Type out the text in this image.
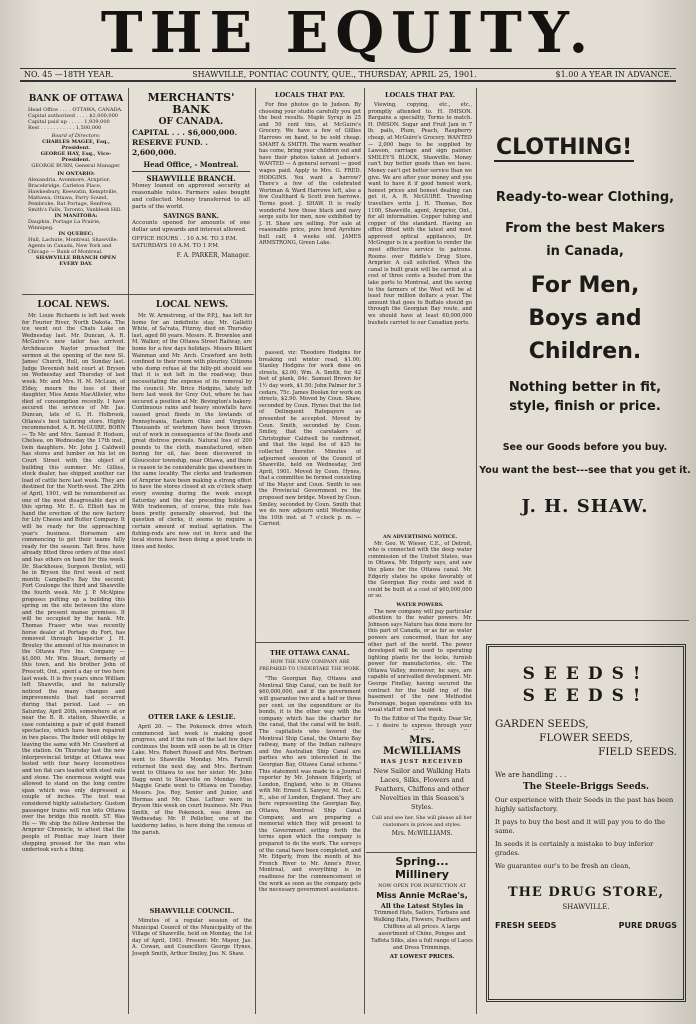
THE EQUITY.
NO. 45 —18TH YEAR.	SHAWVILLE, PONTIAC COUNTY, QUE., THURSDAY, APRIL 25, 1901.	$1.00 A YEAR IN ADVANCE.
BANK OF OTTAWA
Head Office . . . . OTTAWA, CANADA.
Capital authorized . . . . $2,000,000
Capital paid up . . . . . 1,939,000
Rest . . . . . . . . . . . 1,500,000
Board of Directors:
CHARLES MAGEE, Esq., President.
GEORGE HAY, Esq., Vice-President.
GEORGE BURN, General Manager.
IN ONTARIO:
Alexandria, Avonmore, Arnprior, Bracebridge, Carleton Place, Hawkesbury, Keewatin, Kemptville, Mattawa, Ottawa, Parry Sound, Pembroke, Rat Portage, Renfrew, Smith's Falls, Toronto, Vankleek Hill.
IN MANITOBA:
Dauphin, Portage La Prairie, Winnipeg.
IN QUEBEC:
Hull, Lachute, Montreal, Shawville.
Agents in Canada, New York and Chicago — Bank of Montreal.
SHAWVILLE BRANCH OPEN EVERY DAY.
MERCHANTS' BANK
OF CANADA.
CAPITAL . . . $6,000,000.
RESERVE FUND. . 2,600,000.
Head Office, - Montreal.
SHAWVILLE BRANCH.
Money loaned on approved security at reasonable rates. Farmers sales bought and collected. Money transferred to all parts of the world.
SAVINGS BANK.
Accounts opened for amounts of one dollar and upwards and interest allowed.
OFFICE HOURS . . 10 A.M. TO 3 P.M. SATURDAYS 10 A.M. TO 1 P.M.
F. A. PARKER, Manager.
LOCALS THAT PAY.

For fine photos go to Judson. By choosing your studio carefully you get the best results. Maple Syrup in 25 and 50 cent tins, at McGuire's Grocery. We have a few of Gillies Harrows on hand, to be sold cheap. SMART & SMITH. The warm weather has come, bring your children out and have their photos taken at Judson's. WANTED — A general servant — good wages paid. Apply to Mrs. G. FRED. HODGINS. You want a harrow? There's a few of the celebrated Wortman & Ward Harrows left, also a few Coulthard & Scott iron harrows. Terms good. J. SHAW. It is really wonderful how those black and navy serge suits for men, now exhibited by J. H. Shaw are selling. For sale at reasonable price, pure bred Ayrshire bull calf, 4 weeks old. JAMES ARMSTRONG, Green Lake.

passed, viz: Theodore Hodgins for breaking out winter road, $1.00; Stanley Hodgins for work done on streets, $2.00; Wm. A. Smith, for 42 feet of plank, 84c. Samuel Brown for 1½ day work, $1.50; John Palmer for 3 cedars, 75c. James Doolan for work on streets, $2.90. Moved by Coun. Shaw, seconded by Coun. Hynes that the list of Delinquent Ratepayers as presented be accepted. Moved by Coun. Smith, seconded by Coun. Smiley, that the caretakers of Christopher Caldwell be confirmed, and that the legal fee of $25 be collected therefor. Minutes of adjourned session of the Council of Shawville, held on Wednesday, 3rd April, 1901. Moved by Coun. Hynes, that a committee be formed consisting of the Mayor and Coun. Smith to see the Provincial Government re the proposed new bridge. Moved by Coun. Smiley, seconded by Coun. Smith that we do now adjourn until Wednesday the 10th inst. at 7 o'clock p. m. — Carried.

THE OTTAWA CANAL.
HOW THE NEW COMPANY ARE PREPARED TO UNDERTAKE THE WORK.

"The Georgian Bay, Ottawa and Montreal Ship Canal, can be built for $60,000,000, and if the government will guarantee two and a half or three per cent. on the expenditure or its bonds, it is the other way with the company which has the charter for the canal, that the canal will be built. The capitalists who favored the Montreal Ship Canal, the Ontario Bay railway, many of the Indian railways and the Australian Ship Canal are parties who are interested in the Georgian Bay, Ottawa Canal scheme." This statement was made to a Journal reporter by Mr. Johnson Edgerly, of London, England, who is in Ottawa with Mr. Ernest S. Sawyer, M. Inst. C. E., also of London, England. They are here representing the Georgian Bay, Ottawa, Montreal Ship Canal Company, and are preparing a memorial which they will present to the Government setting forth the terms upon which the company is prepared to do the work. The surveys of the canal have been completed, and Mr. Edgerly, from the month of his French River to Mr. Anne's River, Montreal, and everything is in readiness for the commencement of the work as soon as the company gets the necessary government assistance.

LOCALS THAT PAY.

Viewing, copying, etc., etc., promptly attended to. H. IMISON. Bargains a speciality, Terms to match. H. IMISON. Sugar and Fruit Jam in 7 lb. pails, Plum, Peach, Raspberry cheap, at McGuire's Grocery. WANTED — 2,000 bags to be supplied by Lawson, carriage and sign painter. SMILEY'S BLOCK, Shawville. Money can't buy better goods than we have. Money can't get better service than we give. We are after your money and you want to have it if good honest work, honest prices and honest dealing can get it. A. R. McGUIRE. Traveling travellers write J. H. Thomas, Box 1100, Shawville, agent, Arnprior, Ont., for all information. Copper tubing and copper of the standard. Having an office fitted with the latest and most approved optical appliances, Dr. McGregor is in a position to render the most effective service to patrons. Rooms over Riddle's Drug Store, Arnprior. A call solicited. When the canal is built grain will be carried at a cost of three cents a bushel from the lake ports to Montreal, and the saving to the farmers of the West will be at least four million dollars a year. The amount that goes to Buffalo should go through the Georgian Bay route, and we should have at least 60,000,000 bushels carried to our Canadian ports.

AN ADVERTISING NOTICE.

Mr. Geo. W. Wieser, C.E., of Detroit, who is connected with the deep water commission of the United States, was in Ottawa, Mr. Edgerly says, and saw the plans for the Ottawa canal. Mr. Edgerly states he spoke favorably of the Georgian Bay route and said it could be built at a cost of $60,000,000 or so.

WATER POWERS.

The new company will pay particular attention to the water powers. Mr. Johnson says Nature has done more for this part of Canada, or as far as water powers are concerned, than for any other part of the world. The power developed will be used to operating lighting plants for the locks, furnish power for manufactories, etc. The Ottawa Valley, moreover, he says, are capable of unrivalled development. Mr. George Findlay, having secured the contract for the build ing of the basement of the new Methodist Parsonage, began operations with his usual staff of men last week.

To the Editor of The Equity. Dear Sir, — I desire to express through your

LOCAL NEWS.

Mr. Louie Richards is left last week for Fourier River, North Dakota. The ice went out the Chats Lake on Wednesday last. Mr. Duncan, A. R. McGuire's new tailor has arrived. Archdeacon Naylor preached the sermon at the opening of the new St. James' Church, Hull, on Sunday last. Judge Devenish held court at Bryson on Wednesday and Thursday of last week. Mr. and Mrs. H. M. McLean, of Eldey, mourn the loss of their daughter, Miss Annie MacAllister, who died of consumption recently. I have secured the services of Mr. Jas. Duncan, late of G. H. Holbrook, Ottawa's best tailoring store. Highly recommended. A. R. McGUIRE. BORN — To Mr. and Mrs. Samuel P. Hodson, Chelsea, on Wednesday the 17th inst., twin daughters. Mr. John J. Caldwell has stores and lumber on his lot on Court Street with the object of building this summer. Mr. Gillies, stock dealer, has shipped another car load of cattle here last week. They are destined for the North-west. The 29th of April, 1901, will be remembered as one of the most disagreeable days of this spring. Mr. E. G. Elliott has in hand the erection of the new factory for Lily Cheese and Butter Company. It will be ready for the approaching year's business. Horsemen are commencing to get their teams fully ready for the season. Tait Bros. have already fitted three orders of fine steel and has others on hand for this week. Dr. Stackhouse, Surgeon Dentist, will be in Bryson the first week of next month; Campbell's Bay the second; Fort Coulonge the third and Shawville the fourth week. Mr. J. P. McAlpine proposes putting up a building this spring on the site between the store and the present manse premises. It will be occupied by the bank. Mr. Thomas Fraser who was recently horse dealer at Portage du Fort, has removed through Inspector J. H. Brouley the amount of his insurance in the Ottawa Fire Ins. Company — $1,000. Mr. Wm. Stuart, formerly of this town, and his brother John of Prescott, Ont., spent a day or two here last week. It is five years since William left Shawville, and he naturally noticed the many changes and improvements that had occurred during that period. Last — on Saturday, April 20th, somewhere at or near the B. B. station, Shawville, a case containing a pair of gold framed spectacles, which have been repaired in two places. The finder will oblige by leaving the same with Mr. Crawford at the station. On Thursday last the new interprovincial bridge at Ottawa was tested with four heavy locomotives and ten flat cars loaded with steel rails and stone. The enormous weight was allowed to stand on the long centre span which was only depressed a couple of inches. The test was considered highly satisfactory. Gustom passenger trains will run into Ottawa over the bridge this month. ST. Was He — We ship the follow Ambrose the Arnprior Chronicle, to attest that the people of Pontiac may learn their shopping pressed for the man who undertook such a thing.

LOCAL NEWS.

Mr. W. Armstrong, of the P.P.J., has left for home for an indefinite stay. Mr. Galletti White, of Sa'rata, Fitzroy, died on Thursday last, aged 80 years. Messrs. R. Brownlee and M. Walker, of the Ottawa Street Railway, are home for a few days holidays. Messrs Billard Wainman and Mr. Arch. Crawford are both confined to their room with pleurisy. Citizens who dump refuse at the hilly-pit should see that it is not left in the road-way, thus necessitating the expense of its removal by the council. Mr. Brice Hodgins, lately left here last week for Grey Out, where he has secured a position at Mr. Bevington's bakery. Continuous rains and heavy snowfalls have caused great floods in the lowlands of Pennsylvania, Eastern Ohio and Virginia. Thousands of workmen have been thrown out of work in consequence of the floods and great distress prevails. Natural loss of 200 pounds to the cloth, manufactured, when boring for oil, has been discovered in Gloucester township, near Ottawa, and there is reason to be considerable gas elsewhere in the same locality. The clerks and tradesmen of Arnprior have been making a strong effort to have the stores closed at six o'clock sharp every evening during the week except Saturday and the day preceding holidays. With tradesmen, of course, this rule has been pretty generally observed, but the question of clerks, it seems to require a certain amount of mutual agitation. The fishing-rods are now out in force and the local stores have been doing a good trade in lines and hooks.

OTTER LAKE & LESLIE.

April 20. — The Pokenock drive which commenced last week is making good progress, and if the rain of the last few days continues the boom will soon be all in Otter Lake. Mrs. Robert Russell and Mrs. Bertram went to Shawville Monday. Mrs. Farrell returned the next day, and Mrs. Bertram went to Ottawa to see her sister. Mr. John Dagg went to Shawville on Monday. Miss Maggie Grade went to Ottawa on Tuesday. Messrs. Jos. Roy, Senior and Junior, and Hermas and Mr. Chas. Leftner were in Bryson this week on court business. Mr. Pius Smith, of the Pokenock, was down on Wednesday. Mr. P. Pelletier, one of the taxidermy ladies, is here doing the census of the parish.

SHAWVILLE COUNCIL.

Minutes of a regular session of the Municipal Council of the Municipality of the Village of Shawville, held on Monday, the 1st day of April, 1901. Present: Mr. Mayor, Jas. A. Cowan, and Councillors George Hynes, Joseph Smith, Arthur Smiley, Jno. N. Shaw.

CLOTHING!
Ready-to-wear Clothing,
From the best Makers
in Canada,
For Men,
Boys and
Children.
Nothing better in fit,
style, finish or price.
See our Goods before you buy.
You want the best---see that you get it.
J. H. SHAW.
Mrs. McWILLIAMS
HAS JUST RECEIVED
New Sailor and Walking Hats Laces, Silks, Flowers and Feathers, Chiffons and other Novelties in this Season's Styles.
Call and see her. She will please all her customers in prices and styles.
Mrs. McWILLIAMS.
Spring... Millinery
NOW OPEN FOR INSPECTION AT
Miss Annie McRae's,
All the Latest Styles in
Trimmed Hats, Sailors, Turbans and Walking Hats, Flowers, Feathers and Chiffons at all prices. A large assortment of Chine, Pongee and Taffeta Silks, also a full range of Laces and Dress Trimmings,
AT LOWEST PRICES.
SEEDS! SEEDS!
GARDEN SEEDS,
FLOWER SEEDS,
FIELD SEEDS.
We are handling . . .
The Steele-Briggs Seeds.
Our experience with their Seeds in the past has been highly satisfactory.
It pays to buy the best and it will pay you to do the same.
In seeds it is certainly a mistake to buy inferior grades.
We guarantee our's to be fresh an clean,
THE DRUG STORE,
SHAWVILLE.
FRESH SEEDS	PURE DRUGS
